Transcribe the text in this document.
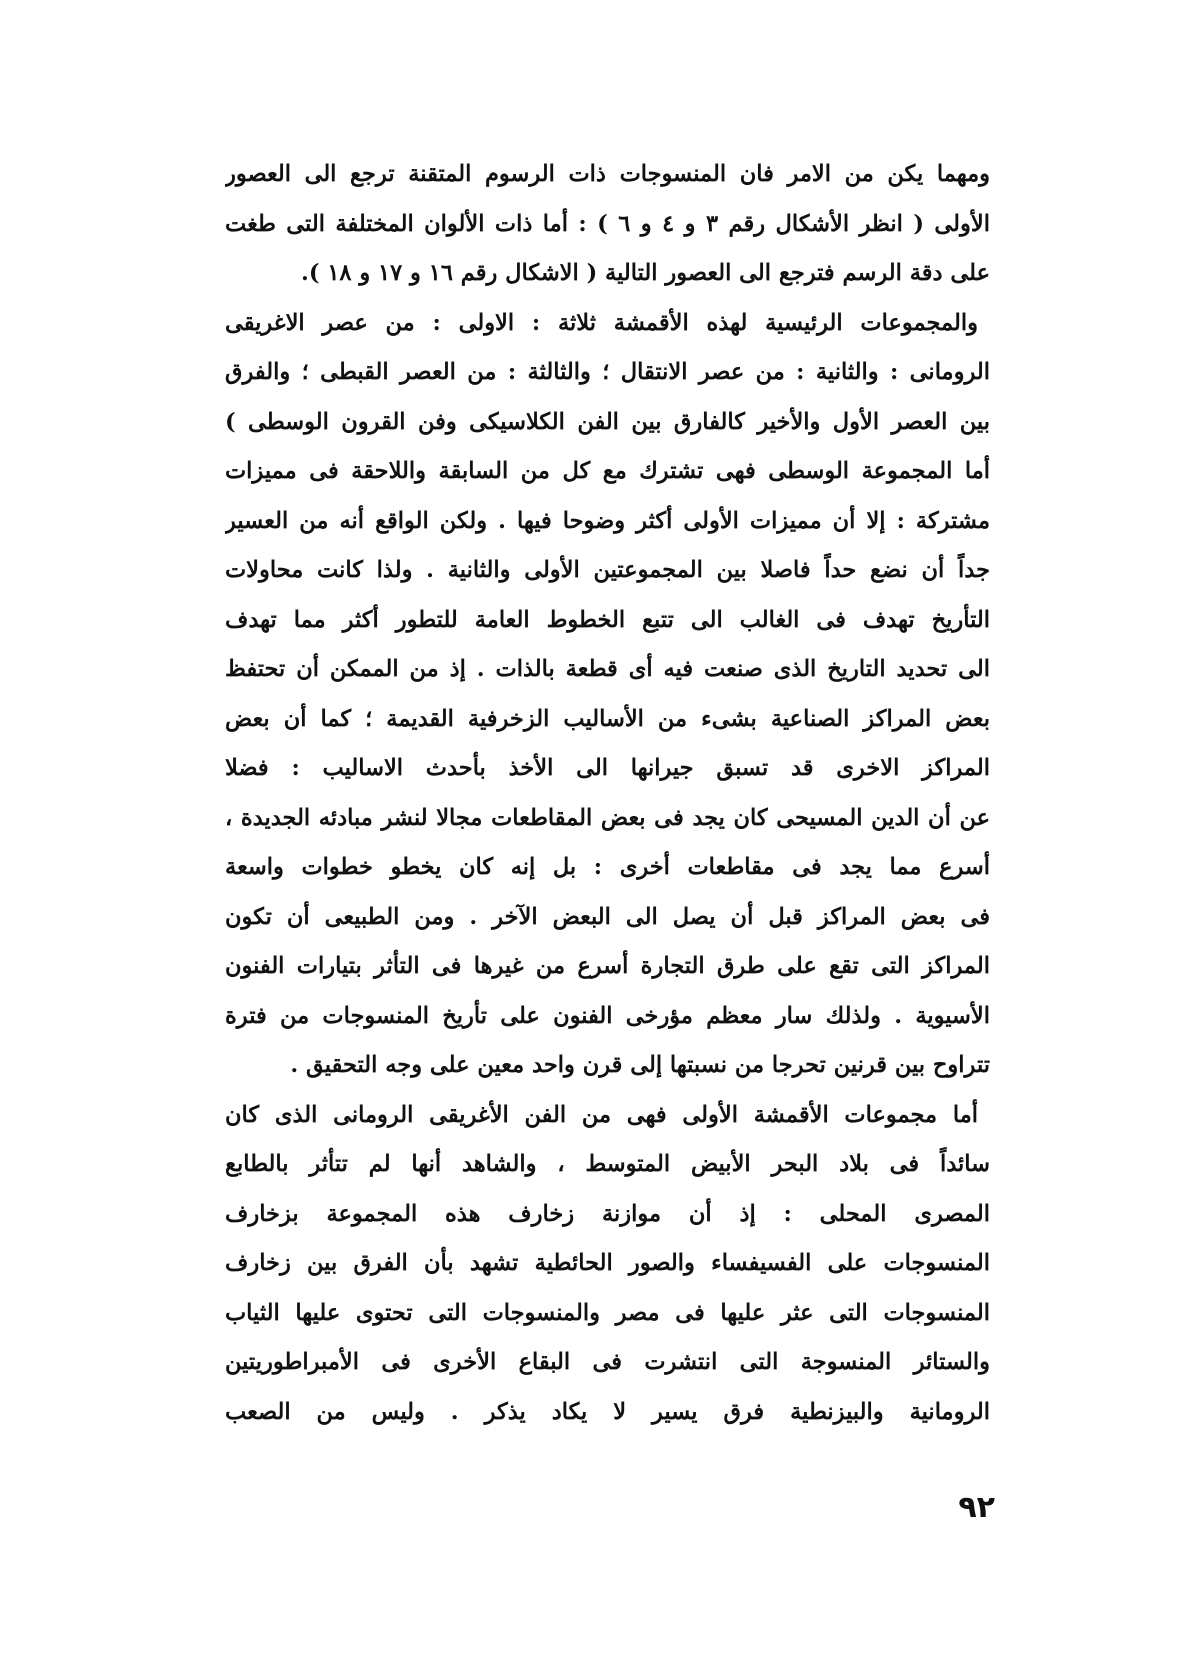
ومهما يكن من الامر فان المنسوجات ذات الرسوم المتقنة ترجع الى العصور
الأولى ( انظر الأشكال رقم ٣ و ٤ و ٦ ) : أما ذات الألوان المختلفة التى طغت
على دقة الرسم فترجع الى العصور التالية ( الاشكال رقم ١٦ و ١٧ و ١٨ ).
والمجموعات الرئيسية لهذه الأقمشة ثلاثة : الاولى : من عصر الاغريقى
الرومانى : والثانية : من عصر الانتقال ؛ والثالثة : من العصر القبطى ؛ والفرق
بين العصر الأول والأخير كالفارق بين الفن الكلاسيكى وفن القرون الوسطى )
أما المجموعة الوسطى فهى تشترك مع كل من السابقة واللاحقة فى مميزات
مشتركة : إلا أن مميزات الأولى أكثر وضوحا فيها . ولكن الواقع أنه من العسير
جداً أن نضع حداً فاصلا بين المجموعتين الأولى والثانية . ولذا كانت محاولات
التأريخ تهدف فى الغالب الى تتبع الخطوط العامة للتطور أكثر مما تهدف
الى تحديد التاريخ الذى صنعت فيه أى قطعة بالذات . إذ من الممكن أن تحتفظ
بعض المراكز الصناعية بشىء من الأساليب الزخرفية القديمة ؛ كما أن بعض
المراكز الاخرى قد تسبق جيرانها الى الأخذ بأحدث الاساليب : فضلا
عن أن الدين المسيحى كان يجد فى بعض المقاطعات مجالا لنشر مبادئه الجديدة ،
أسرع مما يجد فى مقاطعات أخرى : بل إنه كان يخطو خطوات واسعة
فى بعض المراكز قبل أن يصل الى البعض الآخر . ومن الطبيعى أن تكون
المراكز التى تقع على طرق التجارة أسرع من غيرها فى التأثر بتيارات الفنون
الأسيوية . ولذلك سار معظم مؤرخى الفنون على تأريخ المنسوجات من فترة
تتراوح بين قرنين تحرجا من نسبتها إلى قرن واحد معين على وجه التحقيق .
أما مجموعات الأقمشة الأولى فهى من الفن الأغريقى الرومانى الذى كان
سائداً فى بلاد البحر الأبيض المتوسط ، والشاهد أنها لم تتأثر بالطابع
المصرى المحلى : إذ أن موازنة زخارف هذه المجموعة بزخارف
المنسوجات على الفسيفساء والصور الحائطية تشهد بأن الفرق بين زخارف
المنسوجات التى عثر عليها فى مصر والمنسوجات التى تحتوى عليها الثياب
والستائر المنسوجة التى انتشرت فى البقاع الأخرى فى الأمبراطوريتين
الرومانية والبيزنطية فرق يسير لا يكاد يذكر . وليس من الصعب
٩٢
